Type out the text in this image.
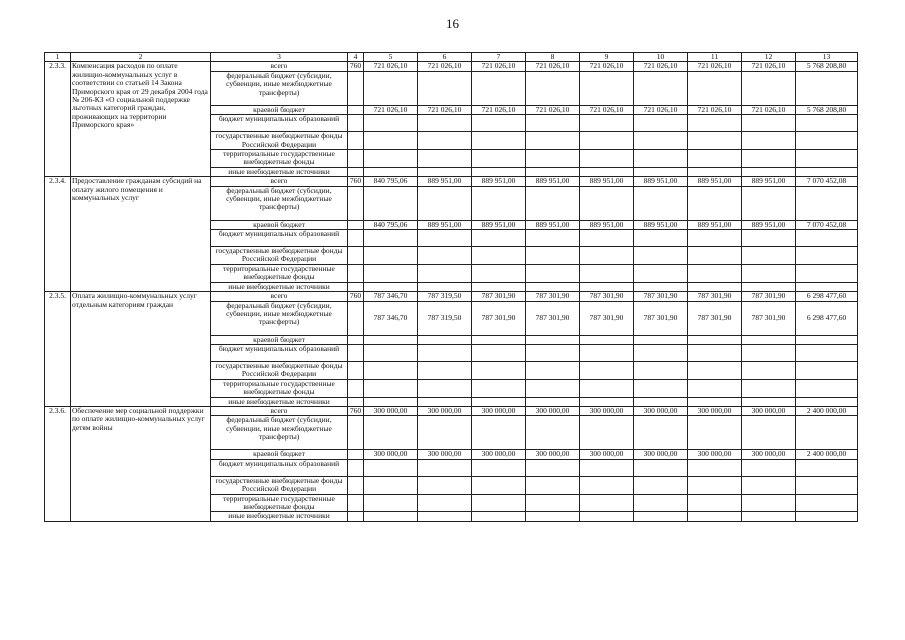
16
1	2	3	4	5	6	7	8	9	10	11	12	13
2.3.3.	Компенсация расходов по оплате жилищно-коммунальных услуг в соответствии со статьей 14 Закона Приморского края от 29 декабря 2004 года № 206-КЗ «О социальной поддержке льготных категорий граждан, проживающих на территории Приморского края»	всего	760	721 026,10	721 026,10	721 026,10	721 026,10	721 026,10	721 026,10	721 026,10	721 026,10	5 768 208,80
		федеральный бюджет (субсидии, субвенции, иные межбюджетные трансферты)										
		краевой бюджет		721 026,10	721 026,10	721 026,10	721 026,10	721 026,10	721 026,10	721 026,10	721 026,10	5 768 208,80
		бюджет муниципальных образований										
		государственные внебюджетные фонды Российской Федерации										
		территориальные государственные внебюджетные фонды										
		иные внебюджетные источники										
2.3.4.	Предоставление гражданам субсидий на оплату жилого помещения и коммунальных услуг	всего	760	840 795,06	889 951,00	889 951,00	889 951,00	889 951,00	889 951,00	889 951,00	889 951,00	7 070 452,08
		федеральный бюджет (субсидии, субвенции, иные межбюджетные трансферты)										
		краевой бюджет		840 795,06	889 951,00	889 951,00	889 951,00	889 951,00	889 951,00	889 951,00	889 951,00	7 070 452,08
		бюджет муниципальных образований										
		государственные внебюджетные фонды Российской Федерации										
		территориальные государственные внебюджетные фонды										
		иные внебюджетные источники										
2.3.5.	Оплата жилищно-коммунальных услуг отдельным категориям граждан	всего	760	787 346,70	787 319,50	787 301,90	787 301,90	787 301,90	787 301,90	787 301,90	787 301,90	6 298 477,60
		федеральный бюджет (субсидии, субвенции, иные межбюджетные трансферты)		787 346,70	787 319,50	787 301,90	787 301,90	787 301,90	787 301,90	787 301,90	787 301,90	6 298 477,60
		краевой бюджет										
		бюджет муниципальных образований										
		государственные внебюджетные фонды Российской Федерации										
		территориальные государственные внебюджетные фонды										
		иные внебюджетные источники										
2.3.6.	Обеспечение мер социальной поддержки по оплате жилищно-коммунальных услуг детям войны	всего	760	300 000,00	300 000,00	300 000,00	300 000,00	300 000,00	300 000,00	300 000,00	300 000,00	2 400 000,00
		федеральный бюджет (субсидии, субвенции, иные межбюджетные трансферты)										
		краевой бюджет		300 000,00	300 000,00	300 000,00	300 000,00	300 000,00	300 000,00	300 000,00	300 000,00	2 400 000,00
		бюджет муниципальных образований										
		государственные внебюджетные фонды Российской Федерации										
		территориальные государственные внебюджетные фонды										
		иные внебюджетные источники										
